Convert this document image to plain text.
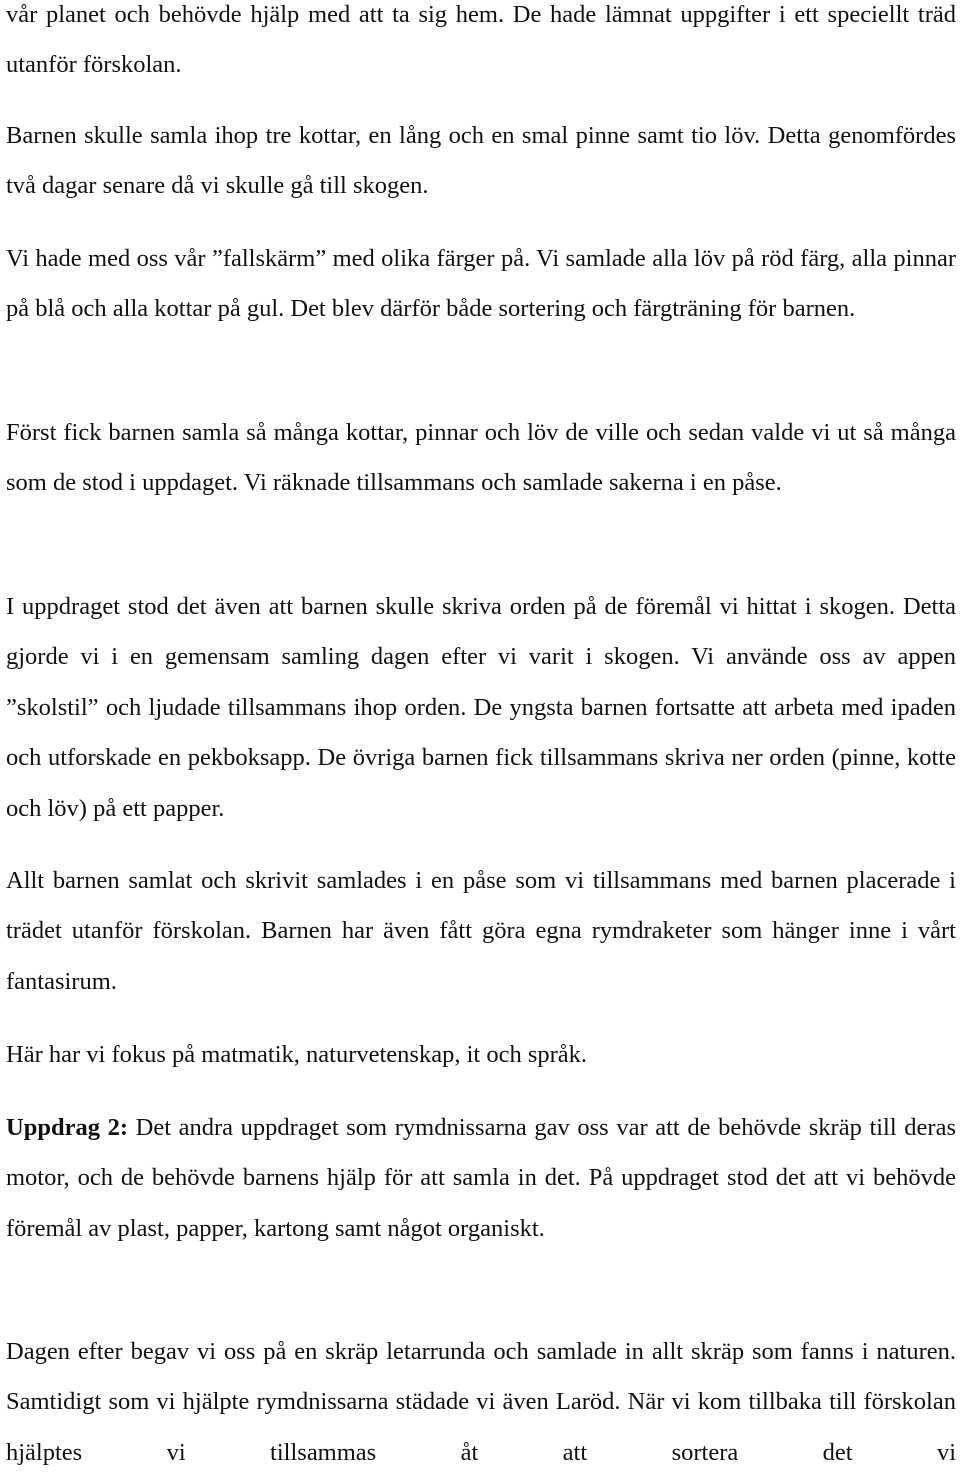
vår planet och behövde hjälp med att ta sig hem. De hade lämnat uppgifter i ett speciellt träd utanför förskolan.

Barnen skulle samla ihop tre kottar, en lång och en smal pinne samt tio löv. Detta genomfördes två dagar senare då vi skulle gå till skogen.

Vi hade med oss vår ”fallskärm” med olika färger på. Vi samlade alla löv på röd färg, alla pinnar på blå och alla kottar på gul. Det blev därför både sortering och färgträning för barnen.

Först fick barnen samla så många kottar, pinnar och löv de ville och sedan valde vi ut så många som de stod i uppdaget. Vi räknade tillsammans och samlade sakerna i en påse.

I uppdraget stod det även att barnen skulle skriva orden på de föremål vi hittat i skogen. Detta gjorde vi i en gemensam samling dagen efter vi varit i skogen. Vi använde oss av appen ”skolstil” och ljudade tillsammans ihop orden. De yngsta barnen fortsatte att arbeta med ipaden och utforskade en pekboksapp. De övriga barnen fick tillsammans skriva ner orden (pinne, kotte och löv) på ett papper.

Allt barnen samlat och skrivit samlades i en påse som vi tillsammans med barnen placerade i trädet utanför förskolan. Barnen har även fått göra egna rymdraketer som hänger inne i vårt fantasirum.

Här har vi fokus på matmatik, naturvetenskap, it och språk.

Uppdrag 2: Det andra uppdraget som rymdnissarna gav oss var att de behövde skräp till deras motor, och de behövde barnens hjälp för att samla in det. På uppdraget stod det att vi behövde föremål av plast, papper, kartong samt något organiskt.

Dagen efter begav vi oss på en skräp letarrunda och samlade in allt skräp som fanns i naturen. Samtidigt som vi hjälpte rymdnissarna städade vi även Laröd. När vi kom tillbaka till förskolan hjälptes vi tillsammas åt att sortera det vi
